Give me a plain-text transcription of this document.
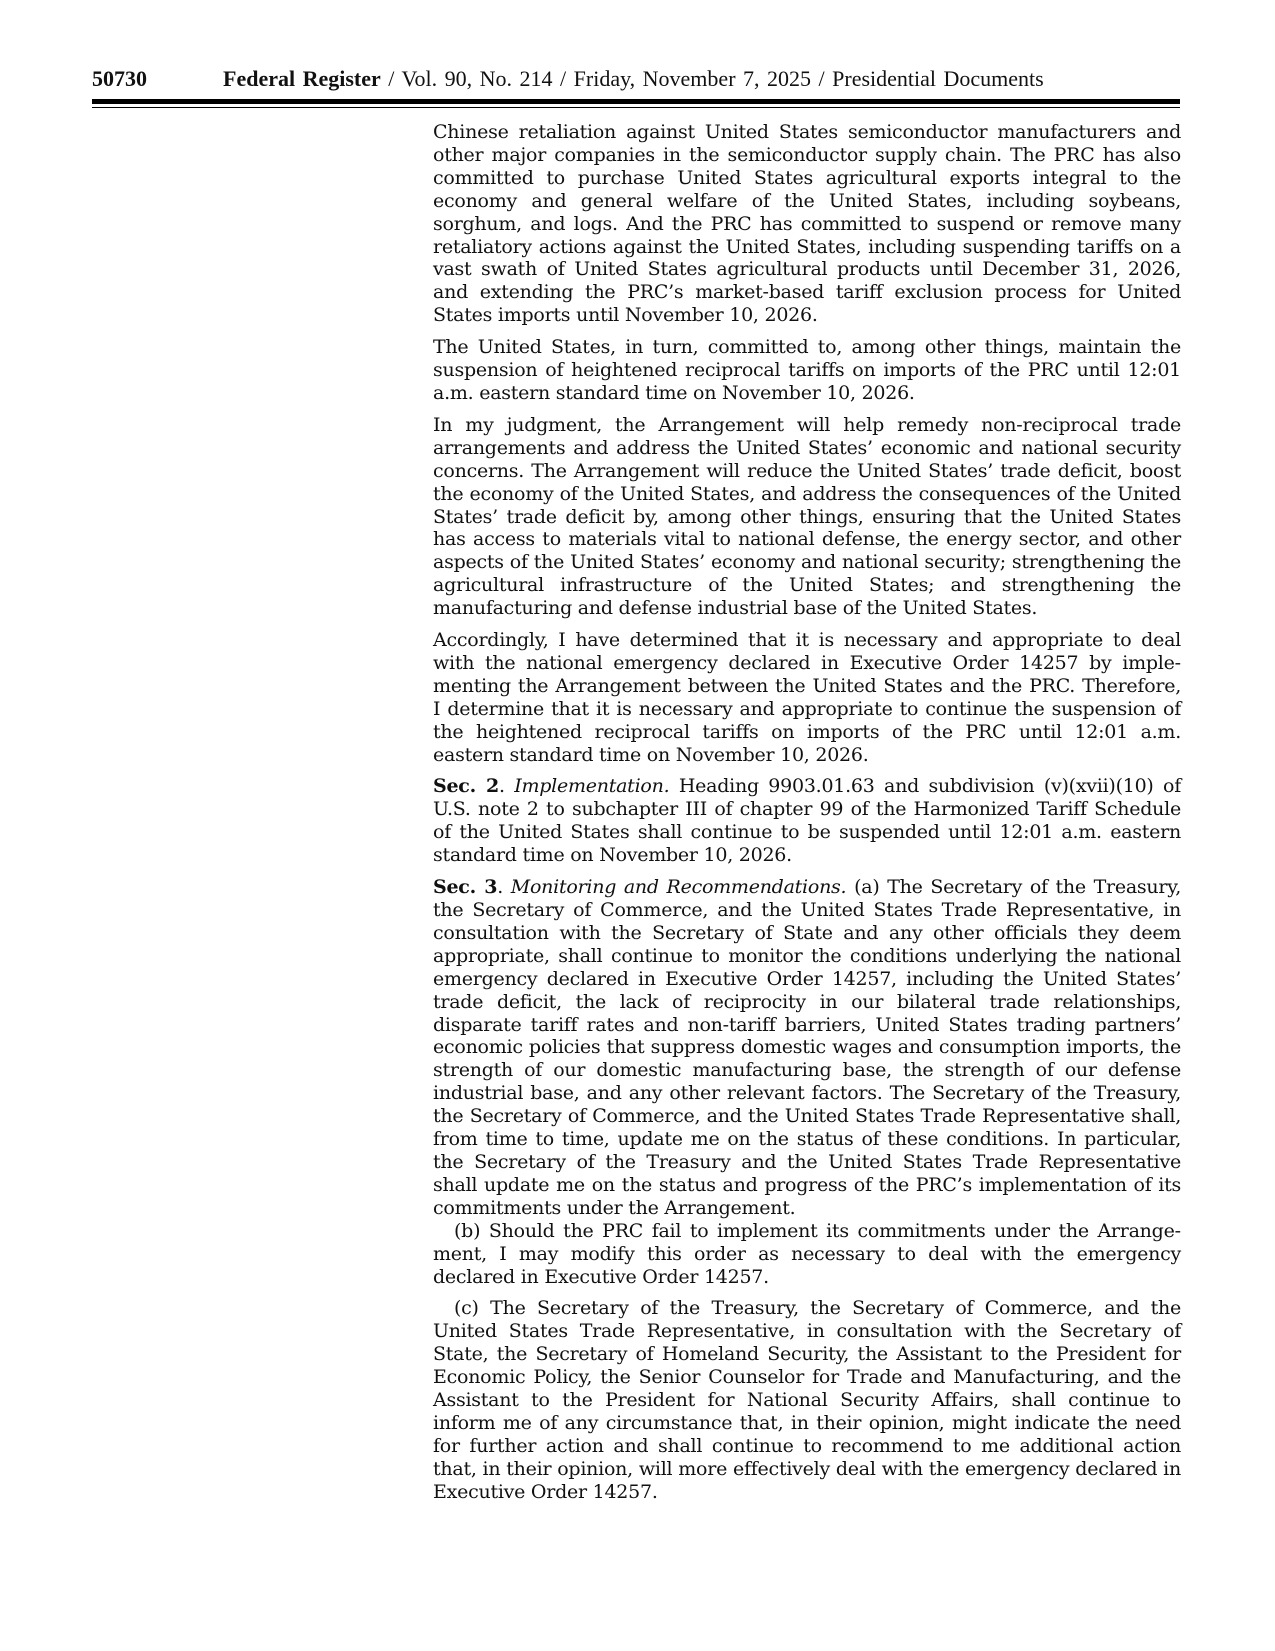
50730	Federal Register / Vol. 90, No. 214 / Friday, November 7, 2025 / Presidential Documents

Chinese retaliation against United States semiconductor manufacturers and other major companies in the semiconductor supply chain. The PRC has also committed to purchase United States agricultural exports integral to the economy and general welfare of the United States, including soybeans, sorghum, and logs. And the PRC has committed to suspend or remove many retaliatory actions against the United States, including suspending tariffs on a vast swath of United States agricultural products until December 31, 2026, and extending the PRC’s market-based tariff exclusion process for United States imports until November 10, 2026.

The United States, in turn, committed to, among other things, maintain the suspension of heightened reciprocal tariffs on imports of the PRC until 12:01 a.m. eastern standard time on November 10, 2026.

In my judgment, the Arrangement will help remedy non-reciprocal trade arrangements and address the United States’ economic and national security concerns. The Arrangement will reduce the United States’ trade deficit, boost the economy of the United States, and address the consequences of the United States’ trade deficit by, among other things, ensuring that the United States has access to materials vital to national defense, the energy sector, and other aspects of the United States’ economy and national security; strengthening the agricultural infrastructure of the United States; and strengthening the manufacturing and defense industrial base of the United States.

Accordingly, I have determined that it is necessary and appropriate to deal with the national emergency declared in Executive Order 14257 by implementing the Arrangement between the United States and the PRC. Therefore, I determine that it is necessary and appropriate to continue the suspension of the heightened reciprocal tariffs on imports of the PRC until 12:01 a.m. eastern standard time on November 10, 2026.

Sec. 2. Implementation. Heading 9903.01.63 and subdivision (v)(xvii)(10) of U.S. note 2 to subchapter III of chapter 99 of the Harmonized Tariff Schedule of the United States shall continue to be suspended until 12:01 a.m. eastern standard time on November 10, 2026.

Sec. 3. Monitoring and Recommendations. (a) The Secretary of the Treasury, the Secretary of Commerce, and the United States Trade Representative, in consultation with the Secretary of State and any other officials they deem appropriate, shall continue to monitor the conditions underlying the national emergency declared in Executive Order 14257, including the United States’ trade deficit, the lack of reciprocity in our bilateral trade relationships, disparate tariff rates and non-tariff barriers, United States trading partners’ economic policies that suppress domestic wages and consumption imports, the strength of our domestic manufacturing base, the strength of our defense industrial base, and any other relevant factors. The Secretary of the Treasury, the Secretary of Commerce, and the United States Trade Representative shall, from time to time, update me on the status of these conditions. In particular, the Secretary of the Treasury and the United States Trade Representative shall update me on the status and progress of the PRC’s implementation of its commitments under the Arrangement.

(b) Should the PRC fail to implement its commitments under the Arrangement, I may modify this order as necessary to deal with the emergency declared in Executive Order 14257.

(c) The Secretary of the Treasury, the Secretary of Commerce, and the United States Trade Representative, in consultation with the Secretary of State, the Secretary of Homeland Security, the Assistant to the President for Economic Policy, the Senior Counselor for Trade and Manufacturing, and the Assistant to the President for National Security Affairs, shall continue to inform me of any circumstance that, in their opinion, might indicate the need for further action and shall continue to recommend to me additional action that, in their opinion, will more effectively deal with the emergency declared in Executive Order 14257.
